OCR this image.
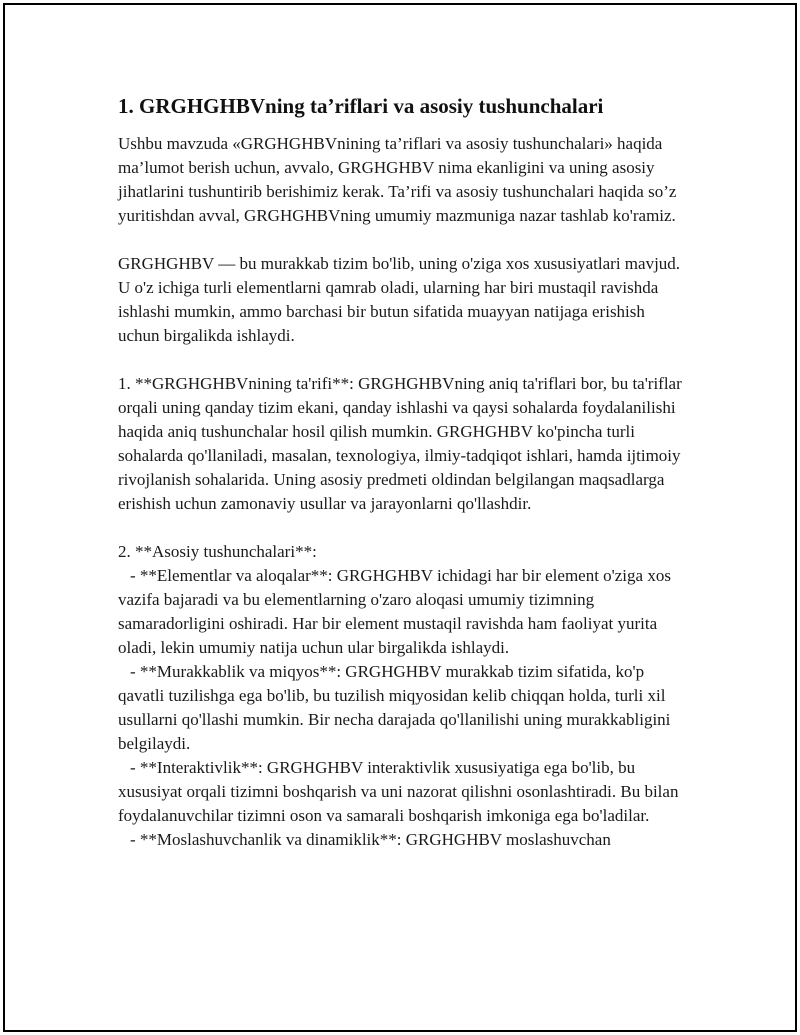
1. GRGHGHBVning ta’riflari va asosiy tushunchalari

Ushbu mavzuda «GRGHGHBVnining ta’riflari va asosiy tushunchalari» haqida ma’lumot berish uchun, avvalo, GRGHGHBV nima ekanligini va uning asosiy jihatlarini tushuntirib berishimiz kerak. Ta’rifi va asosiy tushunchalari haqida so’z yuritishdan avval, GRGHGHBVning umumiy mazmuniga nazar tashlab ko'ramiz.

GRGHGHBV — bu murakkab tizim bo'lib, uning o'ziga xos xususiyatlari mavjud. U o'z ichiga turli elementlarni qamrab oladi, ularning har biri mustaqil ravishda ishlashi mumkin, ammo barchasi bir butun sifatida muayyan natijaga erishish uchun birgalikda ishlaydi.

1. **GRGHGHBVnining ta'rifi**: GRGHGHBVning aniq ta'riflari bor, bu ta'riflar orqali uning qanday tizim ekani, qanday ishlashi va qaysi sohalarda foydalanilishi haqida aniq tushunchalar hosil qilish mumkin. GRGHGHBV ko'pincha turli sohalarda qo'llaniladi, masalan, texnologiya, ilmiy-tadqiqot ishlari, hamda ijtimoiy rivojlanish sohalarida. Uning asosiy predmeti oldindan belgilangan maqsadlarga erishish uchun zamonaviy usullar va jarayonlarni qo'llashdir.

2. **Asosiy tushunchalari**:

- **Elementlar va aloqalar**: GRGHGHBV ichidagi har bir element o'ziga xos vazifa bajaradi va bu elementlarning o'zaro aloqasi umumiy tizimning samaradorligini oshiradi. Har bir element mustaqil ravishda ham faoliyat yurita oladi, lekin umumiy natija uchun ular birgalikda ishlaydi.

- **Murakkablik va miqyos**: GRGHGHBV murakkab tizim sifatida, ko'p qavatli tuzilishga ega bo'lib, bu tuzilish miqyosidan kelib chiqqan holda, turli xil usullarni qo'llashi mumkin. Bir necha darajada qo'llanilishi uning murakkabligini belgilaydi.

- **Interaktivlik**: GRGHGHBV interaktivlik xususiyatiga ega bo'lib, bu xususiyat orqali tizimni boshqarish va uni nazorat qilishni osonlashtiradi. Bu bilan foydalanuvchilar tizimni oson va samarali boshqarish imkoniga ega bo'ladilar.

- **Moslashuvchanlik va dinamiklik**: GRGHGHBV moslashuvchan
